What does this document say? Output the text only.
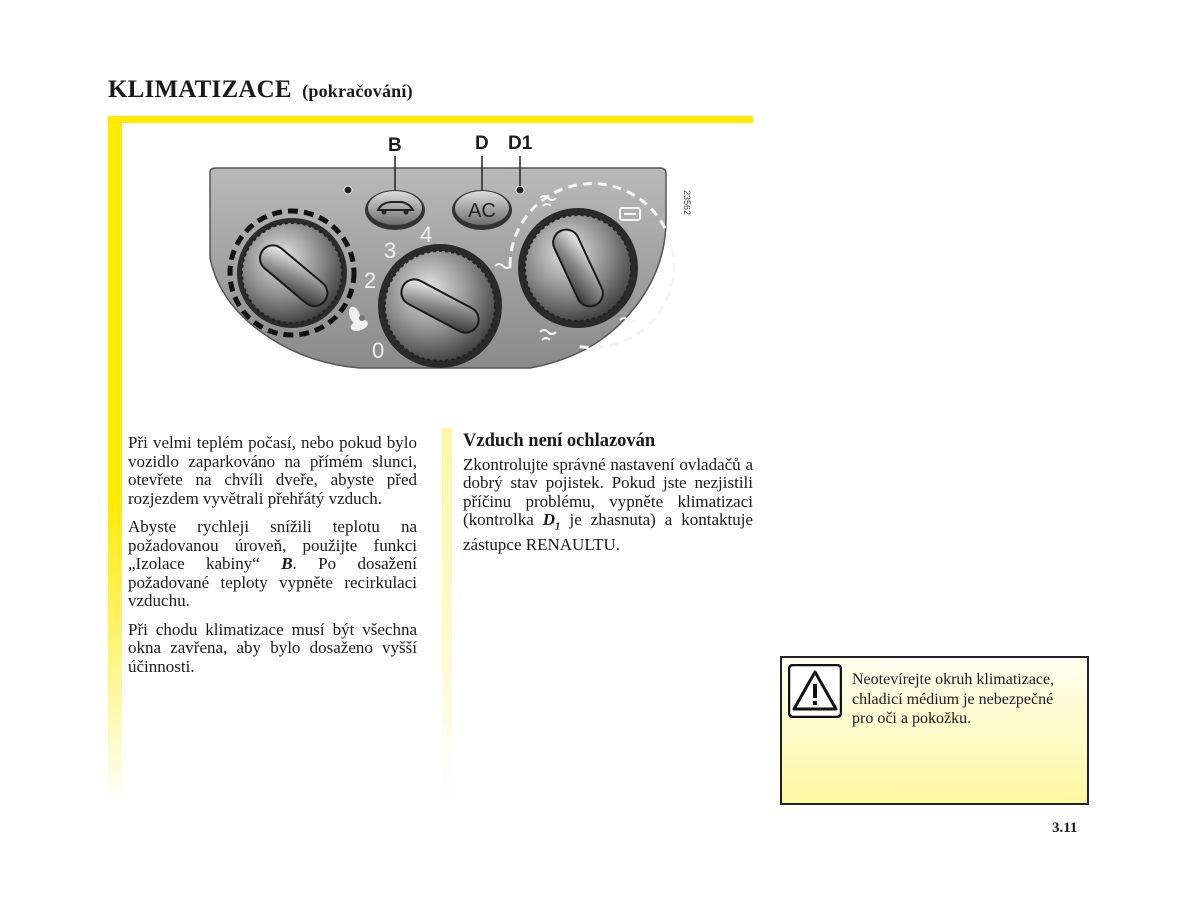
KLIMATIZACE (pokračování)
B	D D1
AC	23562
0
2
3
4

Při velmi teplém počasí, nebo pokud bylo vozidlo zaparkováno na přímém slunci, otevřete na chvíli dveře, abyste před rozjezdem vyvětrali přehřátý vzduch.

Abyste rychleji snížili teplotu na požadovanou úroveň, použijte funkci „Izolace kabiny“ B. Po dosažení požadované teploty vypněte recirkulaci vzduchu.

Při chodu klimatizace musí být všechna okna zavřena, aby bylo dosaženo vyšší účinnosti.

Vzduch není ochlazován

Zkontrolujte správné nastavení ovladačů a dobrý stav pojistek. Pokud jste nezjistili příčinu problému, vypněte klimatizaci (kontrolka $D_1$ je zhasnuta) a kontaktuje zástupce RENAULTU.

Neotevírejte okruh klimatizace, chladicí médium je nebezpečné pro oči a pokožku.
3.11
